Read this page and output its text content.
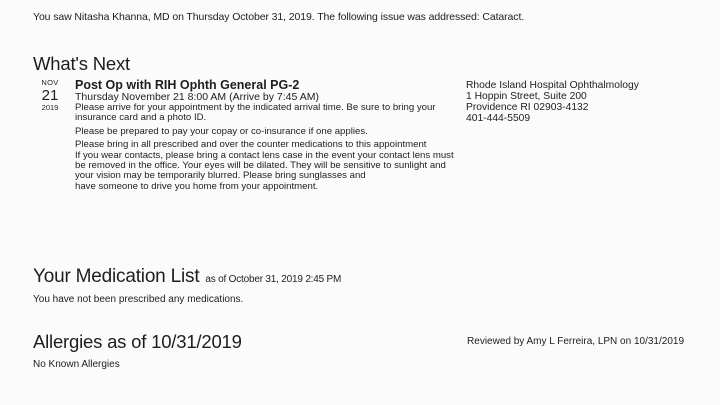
You saw Nitasha Khanna, MD on Thursday October 31, 2019. The following issue was addressed: Cataract.
What's Next
NOV
21
2019
Post Op with RIH Ophth General PG-2
Thursday November 21 8:00 AM (Arrive by 7:45 AM)
Please arrive for your appointment by the indicated arrival time. Be sure to bring your insurance card and a photo ID.
Please be prepared to pay your copay or co-insurance if one applies.
Please bring in all prescribed and over the counter medications to this appointment
If you wear contacts, please bring a contact lens case in the event your contact lens must be removed in the office. Your eyes will be dilated. They will be sensitive to sunlight and your vision may be temporarily blurred. Please bring sunglasses and
have someone to drive you home from your appointment.
Rhode Island Hospital Ophthalmology
1 Hoppin Street, Suite 200
Providence RI 02903-4132
401-444-5509
Your Medication List as of October 31, 2019 2:45 PM
You have not been prescribed any medications.
Allergies as of 10/31/2019	Reviewed by Amy L Ferreira, LPN on 10/31/2019
No Known Allergies
